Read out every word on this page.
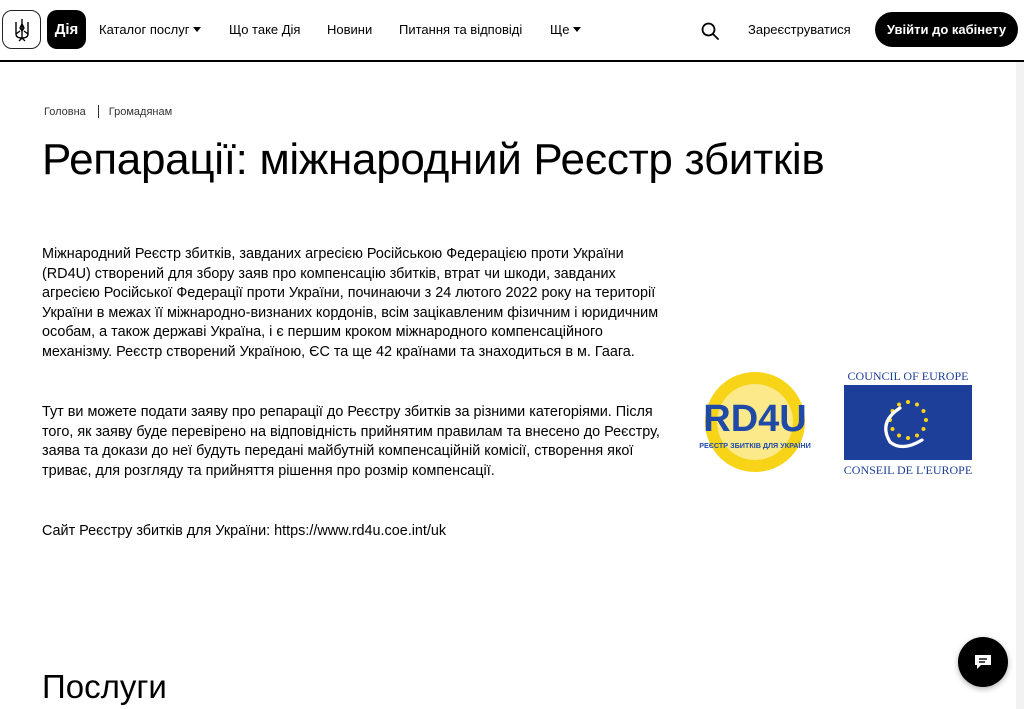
Дія	Каталог послуг	Що таке Дія Новини Питання та відповіді Ще	Зареєструватися	Увійти до кабінету
Головна Громадянам
Репарації: міжнародний Реєстр збитків

Міжнародний Реєстр збитків, завданих агресією Російською Федерацією проти України (RD4U) створений для збору заяв про компенсацію збитків, втрат чи шкоди, завданих агресією Російської Федерації проти України, починаючи з 24 лютого 2022 року на території України в межах її міжнародно-визнаних кордонів, всім зацікавленим фізичним і юридичним особам, а також державі Україна, і є першим кроком міжнародного компенсаційного механізму. Реєстр створений Україною, ЄС та ще 42 країнами та знаходиться в м. Гаага.

Тут ви можете подати заяву про репарації до Реєстру збитків за різними категоріями. Після того, як заяву буде перевірено на відповідність прийнятим правилам та внесено до Реєстру, заява та докази до неї будуть передані майбутній компенсаційній комісії, створення якої триває, для розгляду та прийняття рішення про розмір компенсації.

Сайт Реєстру збитків для України: https://www.rd4u.coe.int/uk

RD4U
РЕЄСТР ЗБИТКІВ ДЛЯ УКРАЇНИ
COUNCIL OF EUROPE
CONSEIL DE L'EUROPE
Послуги
